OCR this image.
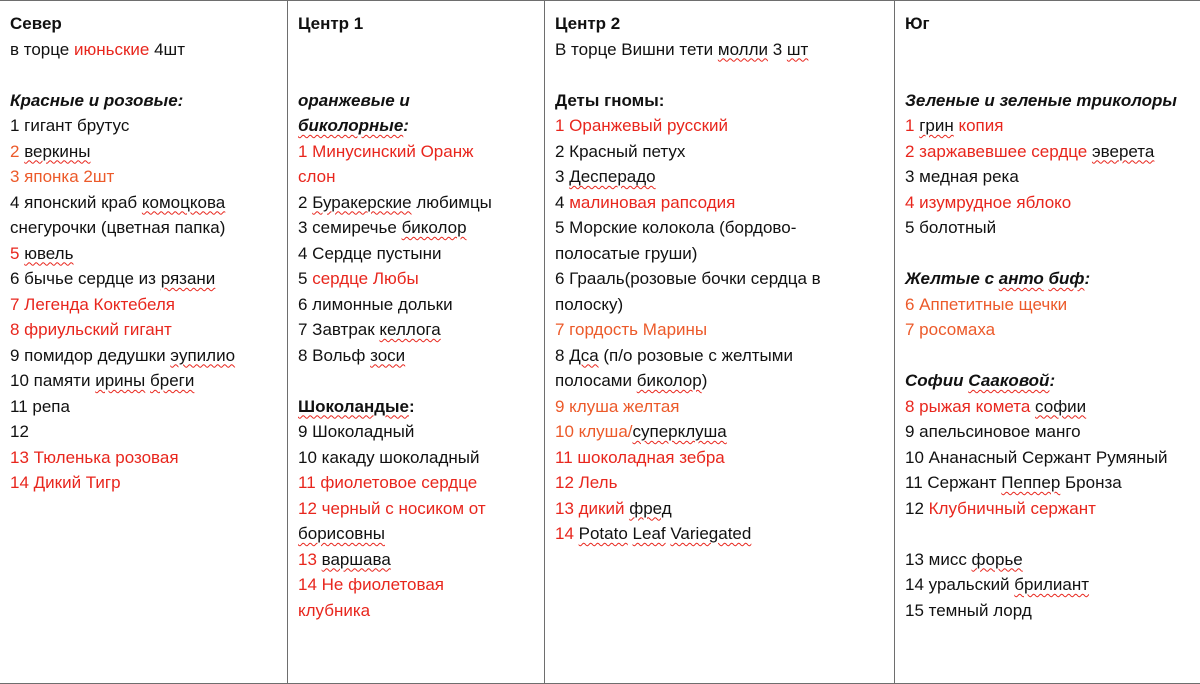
Север
в торце июньские 4шт
Красные и розовые:
1 гигант брутус
2 веркины
3 японка 2шт
4 японский краб комоцкова
снегурочки (цветная папка)
5 ювель
6 бычье сердце из рязани
7 Легенда Коктебеля
8 фриульский гигант
9 помидор дедушки эупилио
10 памяти ирины бреги
11 репа
12
13 Тюленька розовая
14 Дикий Тигр
Центр 1
оранжевые и
биколорные:
1 Минусинский Оранж
слон
2 Буракерские любимцы
3 семиречье биколор
4 Сердце пустыни
5 сердце Любы
6 лимонные дольки
7 Завтрак келлога
8 Вольф зоси
Шоколандые:
9 Шоколадный
10 какаду шоколадный
11 фиолетовое сердце
12 черный с носиком от
борисовны
13 варшава
14 Не фиолетовая
клубника
Центр 2
В торце Вишни тети молли 3 шт
Деты гномы:
1 Оранжевый русский
2 Красный петух
3 Десперадо
4 малиновая рапсодия
5 Морские колокола (бордово-
полосатые груши)
6 Грааль(розовые бочки сердца в
полоску)
7 гордость Марины
8 Дса (п/о розовые с желтыми
полосами биколор)
9 клуша желтая
10 клуша/суперклуша
11 шоколадная зебра
12 Лель
13 дикий фред
14 Potato Leaf Variegated
Юг
Зеленые и зеленые триколоры
1 грин копия
2 заржавевшее сердце эверета
3 медная река
4 изумрудное яблоко
5 болотный
Желтые с анто биф:
6 Аппетитные щечки
7 росомаха
Софии Сааковой:
8 рыжая комета софии
9 апельсиновое манго
10 Ананасный Сержант Румяный
11 Сержант Пеппер Бронза
12 Клубничный сержант
13 мисс форье
14 уральский брилиант
15 темный лорд
